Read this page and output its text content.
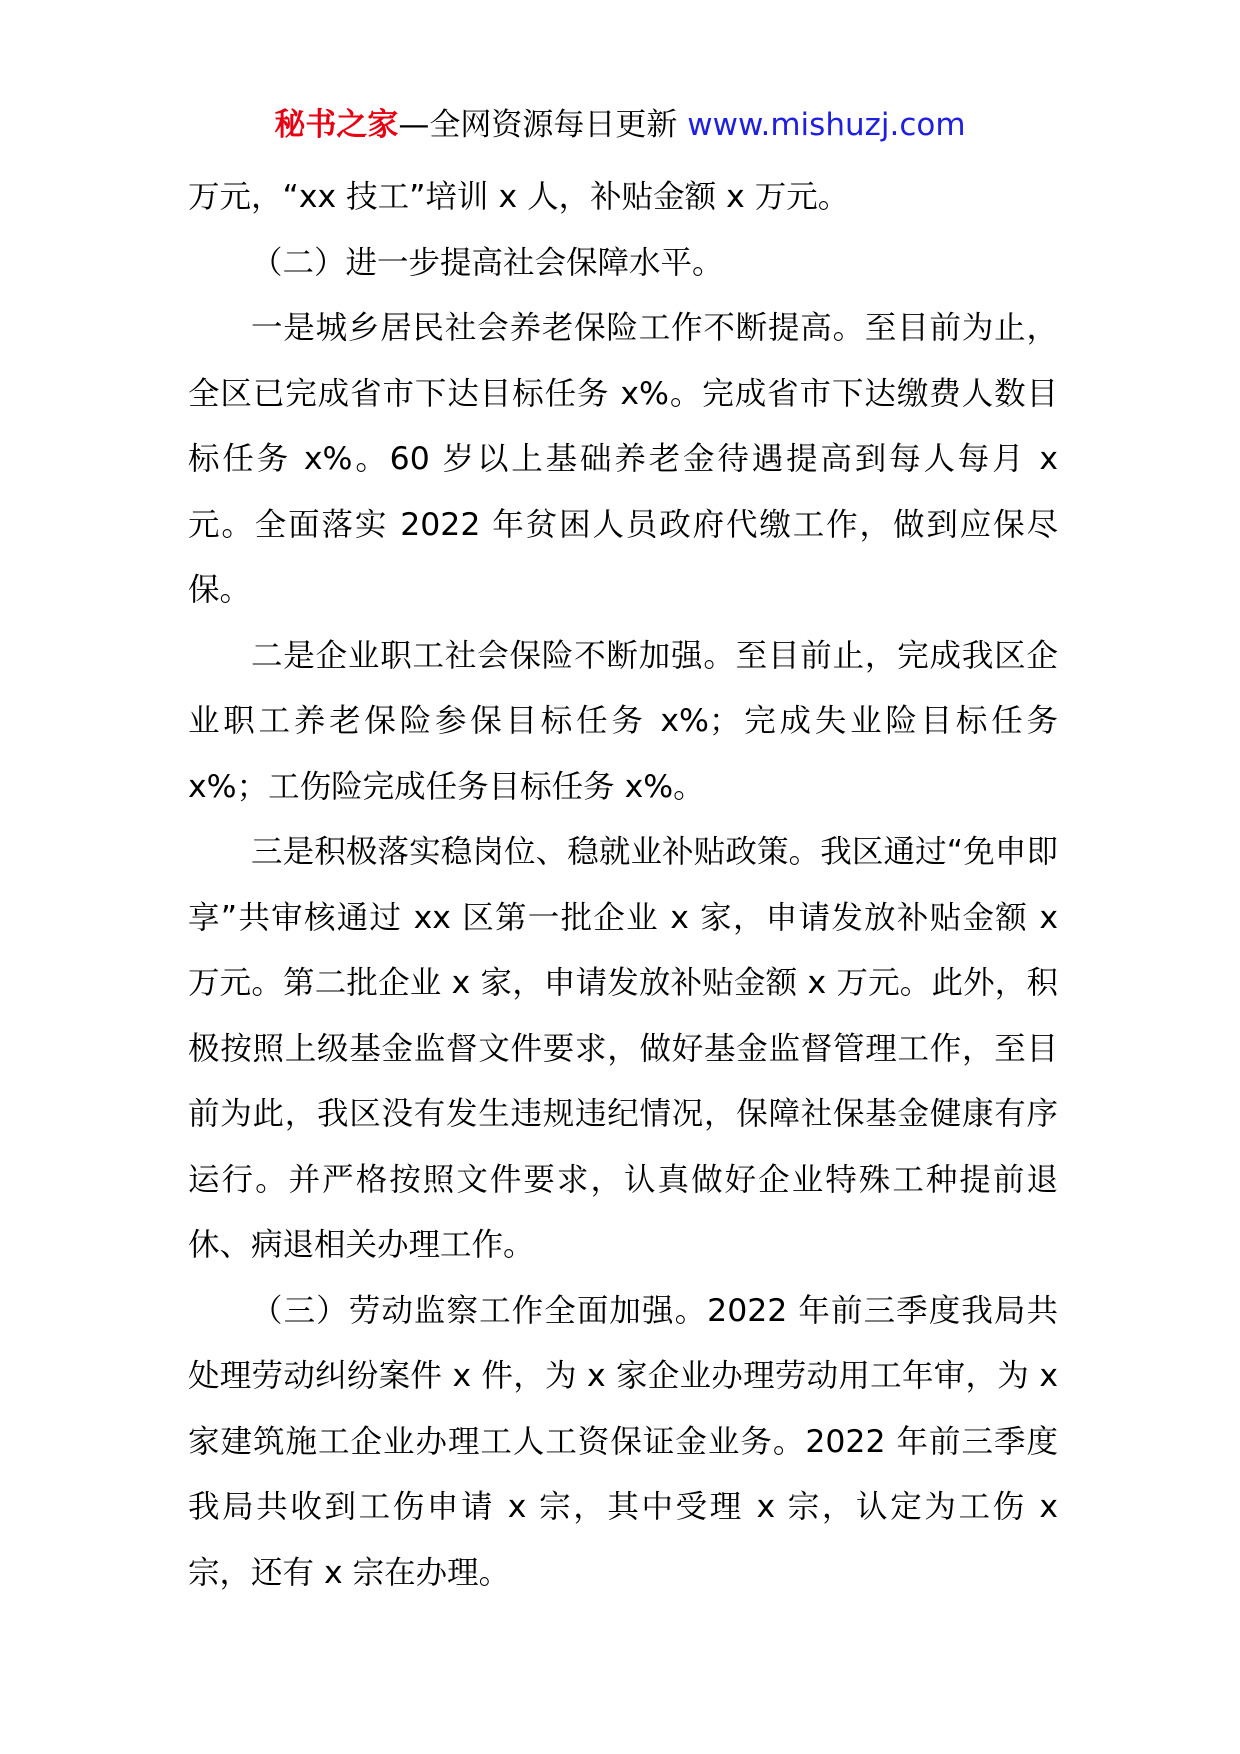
秘书之家—全网资源每日更新 www.mishuzj.com

万元，“xx 技工”培训 x 人，补贴金额 x 万元。

（二）进一步提高社会保障水平。

一是城乡居民社会养老保险工作不断提高。至目前为止，全区已完成省市下达目标任务 x%。完成省市下达缴费人数目标任务 x%。60 岁以上基础养老金待遇提高到每人每月 x 元。全面落实 2022 年贫困人员政府代缴工作，做到应保尽保。

二是企业职工社会保险不断加强。至目前止，完成我区企业职工养老保险参保目标任务 x%；完成失业险目标任务 x%；工伤险完成任务目标任务 x%。

三是积极落实稳岗位、稳就业补贴政策。我区通过“免申即享”共审核通过 xx 区第一批企业 x 家，申请发放补贴金额 x 万元。第二批企业 x 家，申请发放补贴金额 x 万元。此外，积极按照上级基金监督文件要求，做好基金监督管理工作，至目前为此，我区没有发生违规违纪情况，保障社保基金健康有序运行。并严格按照文件要求，认真做好企业特殊工种提前退休、病退相关办理工作。

（三）劳动监察工作全面加强。2022 年前三季度我局共处理劳动纠纷案件 x 件，为 x 家企业办理劳动用工年审，为 x 家建筑施工企业办理工人工资保证金业务。2022 年前三季度我局共收到工伤申请 x 宗，其中受理 x 宗，认定为工伤 x 宗，还有 x 宗在办理。
